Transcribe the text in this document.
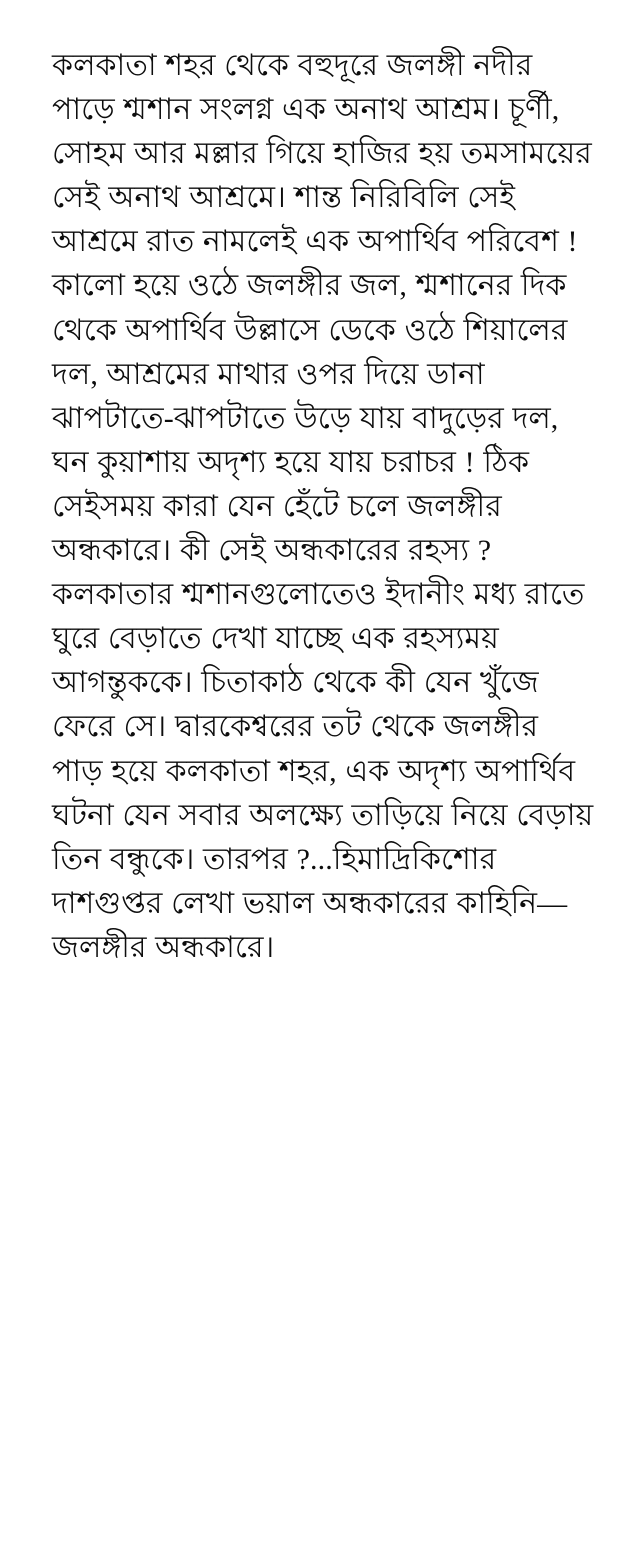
কলকাতা শহর থেকে বহুদূরে জলঙ্গী নদীর পাড়ে শ্মশান সংলগ্ন এক অনাথ আশ্রম। চূর্ণী, সোহম আর মল্লার গিয়ে হাজির হয় তমসাময়ের সেই অনাথ আশ্রমে। শান্ত নিরিবিলি সেই আশ্রমে রাত নামলেই এক অপার্থিব পরিবেশ ! কালো হয়ে ওঠে জলঙ্গীর জল, শ্মশানের দিক থেকে অপার্থিব উল্লাসে ডেকে ওঠে শিয়ালের দল, আশ্রমের মাথার ওপর দিয়ে ডানা ঝাপটাতে-ঝাপটাতে উড়ে যায় বাদুড়ের দল, ঘন কুয়াশায় অদৃশ্য হয়ে যায় চরাচর ! ঠিক সেইসময় কারা যেন হেঁটে চলে জলঙ্গীর অন্ধকারে। কী সেই অন্ধকারের রহস্য ?

কলকাতার শ্মশানগুলোতেও ইদানীং মধ্য রাতে ঘুরে বেড়াতে দেখা যাচ্ছে এক রহস্যময় আগন্তুককে। চিতাকাঠ থেকে কী যেন খুঁজে ফেরে সে। দ্বারকেশ্বরের তট থেকে জলঙ্গীর পাড় হয়ে কলকাতা শহর, এক অদৃশ্য অপার্থিব ঘটনা যেন সবার অলক্ষ্যে তাড়িয়ে নিয়ে বেড়ায় তিন বন্ধুকে। তারপর ?...হিমাদ্রিকিশোর দাশগুপ্তর লেখা ভয়াল অন্ধকারের কাহিনি—জলঙ্গীর অন্ধকারে।
